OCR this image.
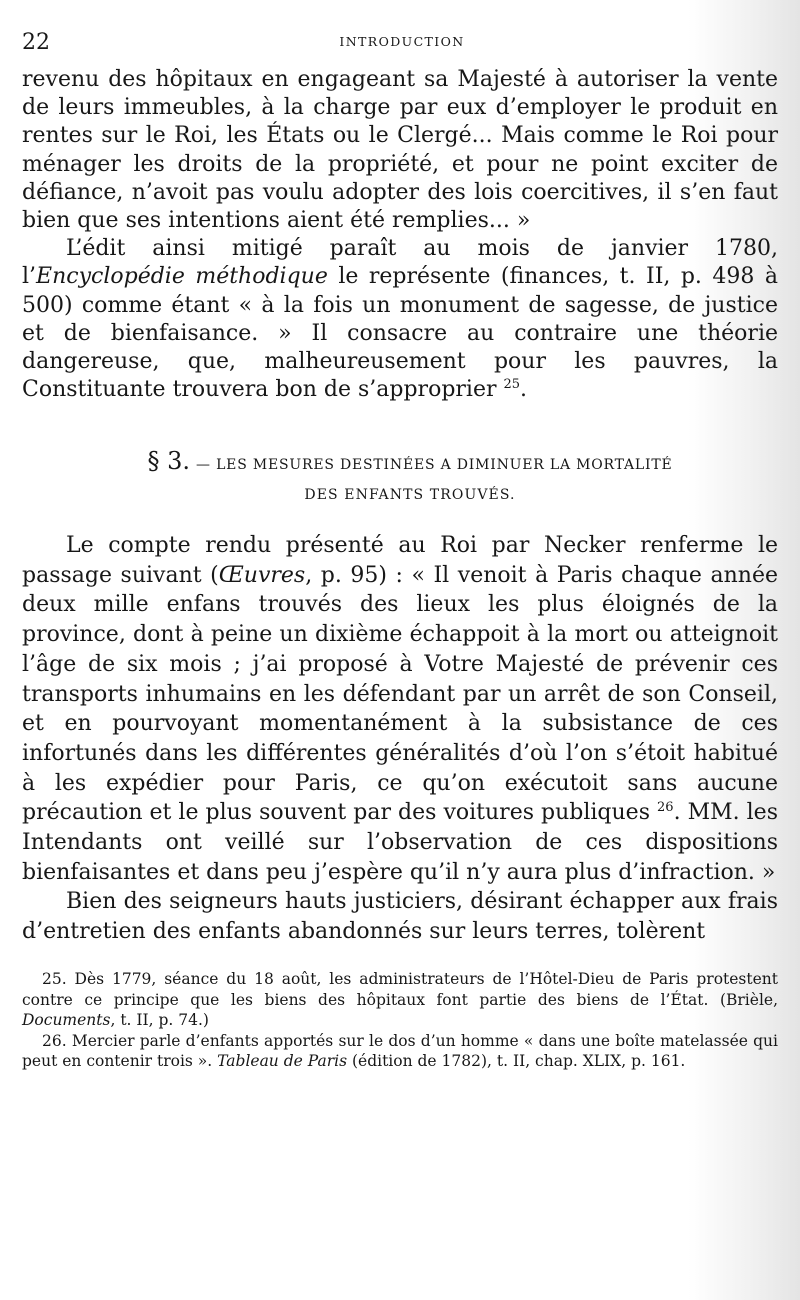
22	INTRODUCTION

revenu des hôpitaux en engageant sa Majesté à autoriser la vente de leurs immeubles, à la charge par eux d’employer le produit en rentes sur le Roi, les États ou le Clergé... Mais comme le Roi pour ménager les droits de la propriété, et pour ne point exciter de défiance, n’avoit pas voulu adopter des lois coercitives, il s’en faut bien que ses intentions aient été remplies... »

L’édit ainsi mitigé paraît au mois de janvier 1780, l’Encyclopédie méthodique le représente (finances, t. II, p. 498 à 500) comme étant « à la fois un monument de sagesse, de justice et de bienfaisance. » Il consacre au contraire une théorie dangereuse, que, malheureusement pour les pauvres, la Constituante trouvera bon de s’approprier $^{25}$.

§ 3. — LES MESURES DESTINÉES A DIMINUER LA MORTALITÉ
DES ENFANTS TROUVÉS.

Le compte rendu présenté au Roi par Necker renferme le passage suivant (Œuvres, p. 95) : « Il venoit à Paris chaque année deux mille enfans trouvés des lieux les plus éloignés de la province, dont à peine un dixième échappoit à la mort ou atteignoit l’âge de six mois ; j’ai proposé à Votre Majesté de prévenir ces transports inhumains en les défendant par un arrêt de son Conseil, et en pourvoyant momentanément à la subsistance de ces infortunés dans les différentes généralités d’où l’on s’étoit habitué à les expédier pour Paris, ce qu’on exécutoit sans aucune précaution et le plus souvent par des voitures publiques $^{26}$. MM. les Intendants ont veillé sur l’observation de ces dispositions bienfaisantes et dans peu j’espère qu’il n’y aura plus d’infraction. »

Bien des seigneurs hauts justiciers, désirant échapper aux frais d’entretien des enfants abandonnés sur leurs terres, tolèrent

25. Dès 1779, séance du 18 août, les administrateurs de l’Hôtel-Dieu de Paris protestent contre ce principe que les biens des hôpitaux font partie des biens de l’État. (Brièle, Documents, t. II, p. 74.)

26. Mercier parle d’enfants apportés sur le dos d’un homme « dans une boîte matelassée qui peut en contenir trois ». Tableau de Paris (édition de 1782), t. II, chap. XLIX, p. 161.
